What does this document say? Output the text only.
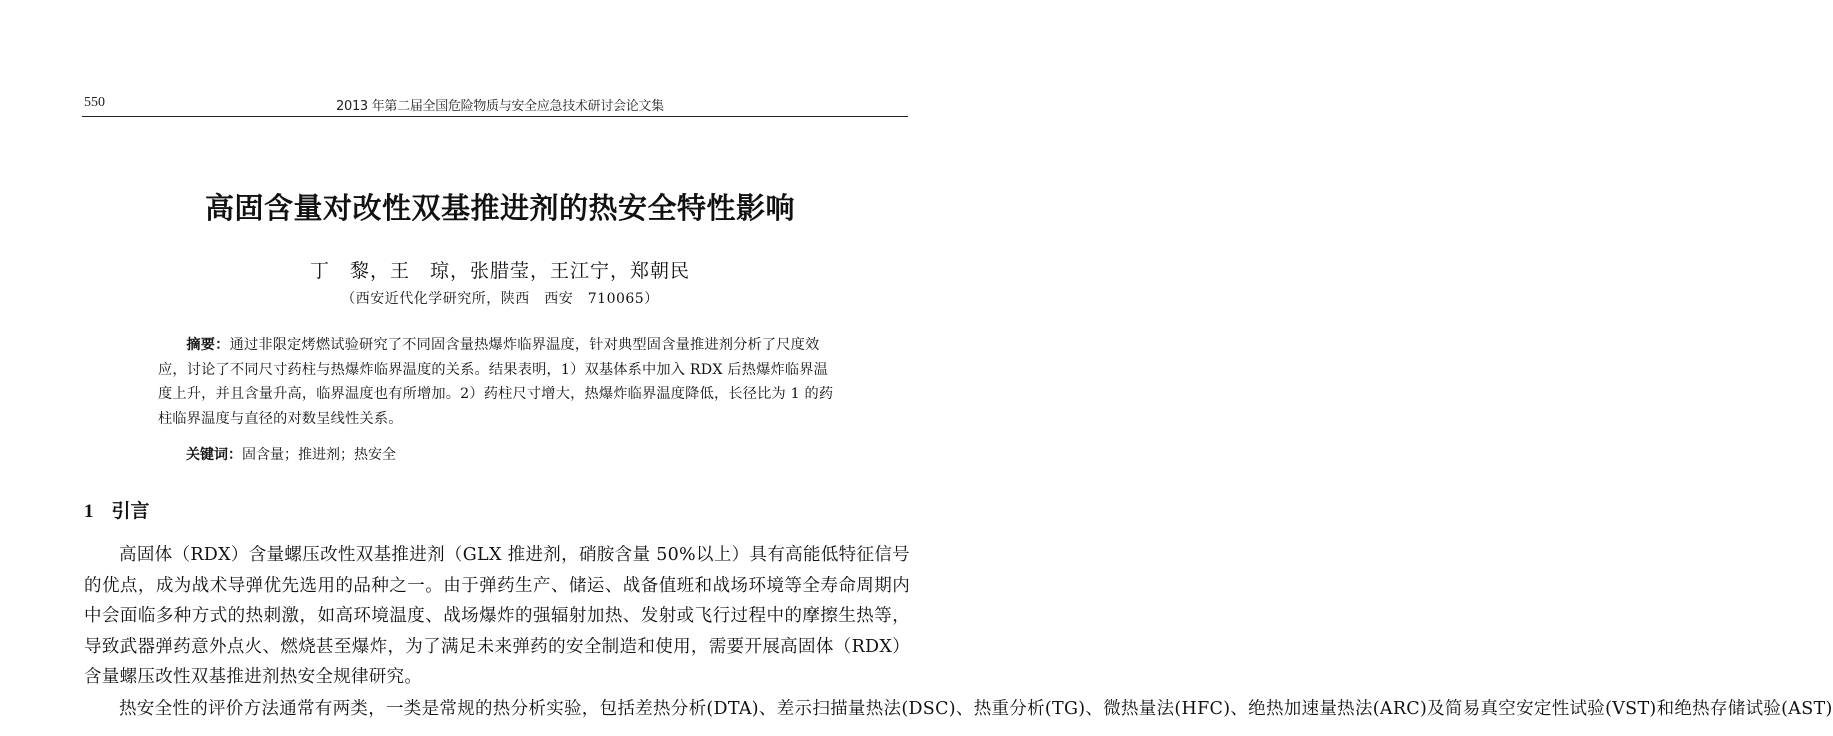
550	2013 年第二届全国危险物质与安全应急技术研讨会论文集
高固含量对改性双基推进剂的热安全特性影响
丁　黎，王　琼，张腊莹，王江宁，郑朝民
（西安近代化学研究所，陕西　西安　710065）
摘要：通过非限定烤燃试验研究了不同固含量热爆炸临界温度，针对典型固含量推进剂分析了尺度效应，讨论了不同尺寸药柱与热爆炸临界温度的关系。结果表明，1）双基体系中加入 RDX 后热爆炸临界温度上升，并且含量升高，临界温度也有所增加。2）药柱尺寸增大，热爆炸临界温度降低，长径比为 1 的药柱临界温度与直径的对数呈线性关系。
关键词：固含量；推进剂；热安全
1 引言
高固体（RDX）含量螺压改性双基推进剂（GLX 推进剂，硝胺含量 50%以上）具有高能低特征信号的优点，成为战术导弹优先选用的品种之一。由于弹药生产、储运、战备值班和战场环境等全寿命周期内中会面临多种方式的热刺激，如高环境温度、战场爆炸的强辐射加热、发射或飞行过程中的摩擦生热等，导致武器弹药意外点火、燃烧甚至爆炸，为了满足未来弹药的安全制造和使用，需要开展高固体（RDX）含量螺压改性双基推进剂热安全规律研究。
热安全性的评价方法通常有两类，一类是常规的热分析实验，包括差热分析(DTA)、差示扫描量热法(DSC)、热重分析(TG)、微热量法(HFC)、绝热加速量热法(ARC)及简易真空安定性试验(VST)和绝热存储试验(AST)
